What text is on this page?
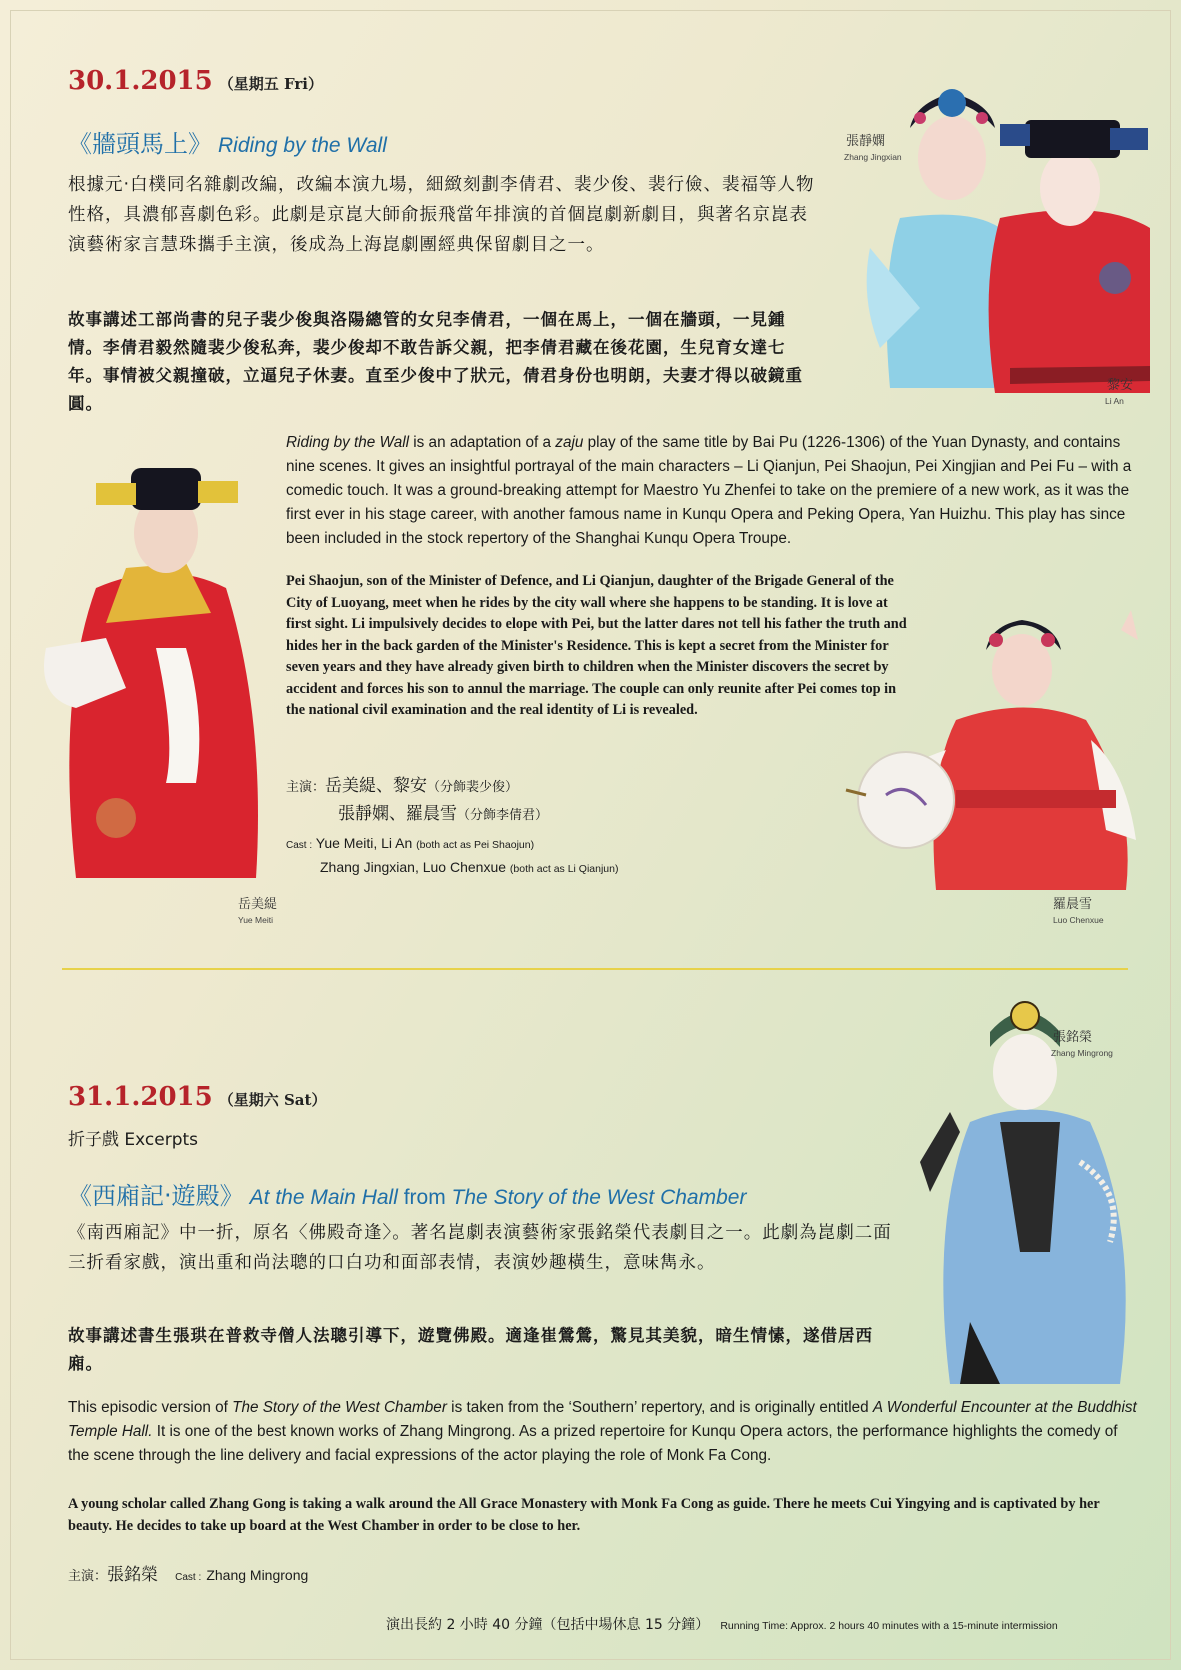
30.1.2015 （星期五 Fri）
《牆頭馬上》 Riding by the Wall
根據元‧白樸同名雜劇改編，改編本演九場，細緻刻劃李倩君、裴少俊、裴行儉、裴福等人物性格，具濃郁喜劇色彩。此劇是京崑大師俞振飛當年排演的首個崑劇新劇目，與著名京崑表演藝術家言慧珠攜手主演，後成為上海崑劇團經典保留劇目之一。
故事講述工部尚書的兒子裴少俊與洛陽總管的女兒李倩君，一個在馬上，一個在牆頭，一見鍾情。李倩君毅然隨裴少俊私奔，裴少俊却不敢告訴父親，把李倩君藏在後花園，生兒育女達七年。事情被父親撞破，立逼兒子休妻。直至少俊中了狀元，倩君身份也明朗，夫妻才得以破鏡重圓。
Riding by the Wall is an adaptation of a zaju play of the same title by Bai Pu (1226-1306) of the Yuan Dynasty, and contains nine scenes. It gives an insightful portrayal of the main characters – Li Qianjun, Pei Shaojun, Pei Xingjian and Pei Fu – with a comedic touch. It was a ground-breaking attempt for Maestro Yu Zhenfei to take on the premiere of a new work, as it was the first ever in his stage career, with another famous name in Kunqu Opera and Peking Opera, Yan Huizhu. This play has since been included in the stock repertory of the Shanghai Kunqu Opera Troupe.
Pei Shaojun, son of the Minister of Defence, and Li Qianjun, daughter of the Brigade General of the City of Luoyang, meet when he rides by the city wall where she happens to be standing. It is love at first sight. Li impulsively decides to elope with Pei, but the latter dares not tell his father the truth and hides her in the back garden of the Minister's Residence. This is kept a secret from the Minister for seven years and they have already given birth to children when the Minister discovers the secret by accident and forces his son to annul the marriage. The couple can only reunite after Pei comes top in the national civil examination and the real identity of Li is revealed.
主演：岳美緹、黎安（分飾裴少俊）
張靜嫻、羅晨雪（分飾李倩君）
Cast : Yue Meiti, Li An (both act as Pei Shaojun)
Zhang Jingxian, Luo Chenxue (both act as Li Qianjun)
張靜嫻
Zhang Jingxian
黎安
Li An
岳美緹
Yue Meiti
羅晨雪
Luo Chenxue
31.1.2015 （星期六 Sat）
折子戲 Excerpts
《西廂記‧遊殿》 At the Main Hall from The Story of the West Chamber
《南西廂記》中一折，原名〈佛殿奇逢〉。著名崑劇表演藝術家張銘榮代表劇目之一。此劇為崑劇二面三折看家戲，演出重和尚法聰的口白功和面部表情，表演妙趣橫生，意味雋永。
故事講述書生張珙在普救寺僧人法聰引導下，遊覽佛殿。適逢崔鶯鶯，驚見其美貌，暗生情愫，遂借居西廂。
This episodic version of The Story of the West Chamber is taken from the ‘Southern’ repertory, and is originally entitled A Wonderful Encounter at the Buddhist Temple Hall. It is one of the best known works of Zhang Mingrong. As a prized repertoire for Kunqu Opera actors, the performance highlights the comedy of the scene through the line delivery and facial expressions of the actor playing the role of Monk Fa Cong.
A young scholar called Zhang Gong is taking a walk around the All Grace Monastery with Monk Fa Cong as guide. There he meets Cui Yingying and is captivated by her beauty. He decides to take up board at the West Chamber in order to be close to her.
主演：張銘榮 Cast : Zhang Mingrong
張銘榮
Zhang Mingrong
演出長約 2 小時 40 分鐘（包括中場休息 15 分鐘） Running Time: Approx. 2 hours 40 minutes with a 15-minute intermission
